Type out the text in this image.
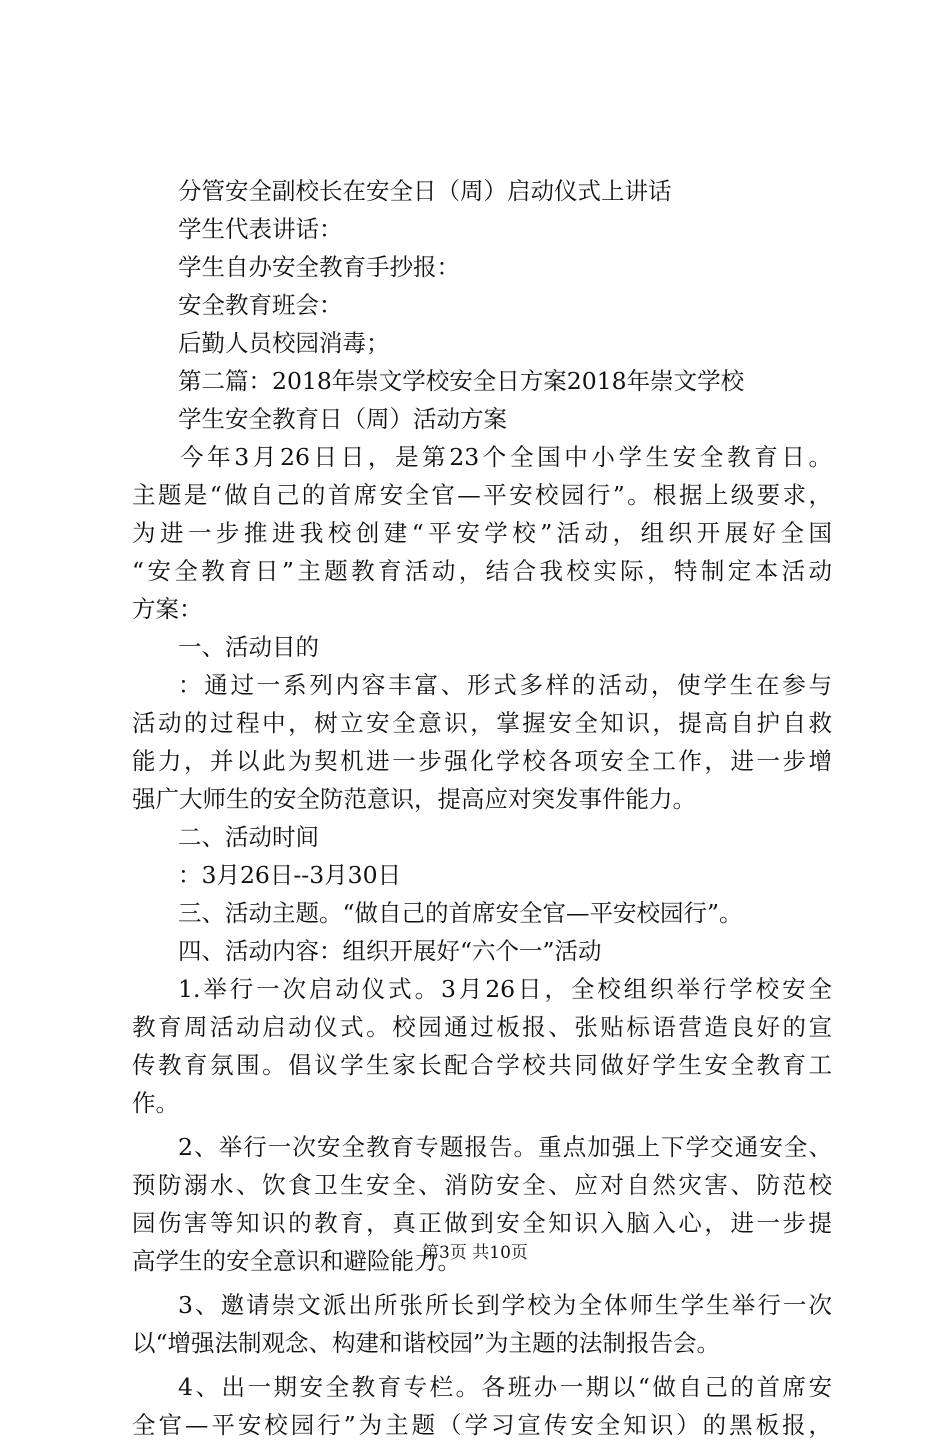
分管安全副校长在安全日（周）启动仪式上讲话
学生代表讲话：
学生自办安全教育手抄报：
安全教育班会：
后勤人员校园消毒；
第二篇：2018年崇文学校安全日方案2018年崇文学校
学生安全教育日（周）活动方案
今年3月26日日，是第23个全国中小学生安全教育日。
主题是“做自己的首席安全官—平安校园行”。根据上级要求，
为进一步推进我校创建“平安学校”活动，组织开展好全国
“安全教育日”主题教育活动，结合我校实际，特制定本活动
方案：
一、活动目的
：通过一系列内容丰富、形式多样的活动，使学生在参与
活动的过程中，树立安全意识，掌握安全知识，提高自护自救
能力，并以此为契机进一步强化学校各项安全工作，进一步增
强广大师生的安全防范意识，提高应对突发事件能力。
二、活动时间
：3月26日--3月30日
三、活动主题。“做自己的首席安全官—平安校园行”。
四、活动内容：组织开展好“六个一”活动
1.举行一次启动仪式。3月26日，全校组织举行学校安全
教育周活动启动仪式。校园通过板报、张贴标语营造良好的宣
传教育氛围。倡议学生家长配合学校共同做好学生安全教育工
作。
2、举行一次安全教育专题报告。重点加强上下学交通安全、
预防溺水、饮食卫生安全、消防安全、应对自然灾害、防范校
园伤害等知识的教育，真正做到安全知识入脑入心，进一步提
高学生的安全意识和避险能力。
3、邀请崇文派出所张所长到学校为全体师生学生举行一次
以“增强法制观念、构建和谐校园”为主题的法制报告会。
4、出一期安全教育专栏。各班办一期以“做自己的首席安
全官—平安校园行”为主题（学习宣传安全知识）的黑板报，
第3页 共10页
